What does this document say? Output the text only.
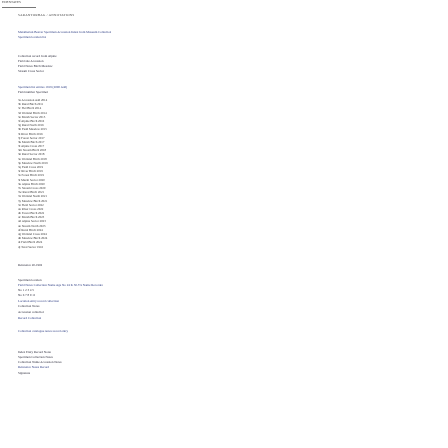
EDENTATES
SARANTORBAG / ANNOTATIONS
Metatherian Beaver Specimen Accession Index from Museum Collection
Specimen location list
Collection record from Alpine
Field site Accession
Field Notes Birch Meadow
Stream Cross Sector
Specimen list entries 1919 (2000 Add)
Field number Specimen
3a Accession Add 2014
3b Rural Birch 2011
3c Fiel Birch 2014
3d Wetland Birch 2014
3e Marsh Sector 2015
3f Alpine Birch 2016
3g Rural North 2016
3h Field Meadow 2015
3i River Birch 2016
3j Forest Sector 2017
3k Marsh Birch 2017
3l Alpine Cross 2017
3m Stream Birch 2018
3n Rural Sector 2018
3o Wetland Birch 2018
3p Meadow North 2019
3q Field Cross 2019
3r River Birch 2019
3s Forest Birch 2019
3t Marsh Sector 2020
3u Alpine Birch 2020
3v Stream Cross 2020
3w Rural Birch 2021
3x Wetland North 2021
3y Meadow Birch 2021
3z Field Sector 2022
4a River Cross 2022
4b Forest Birch 2022
4c Marsh Birch 2023
4d Alpine Sector 2023
4e Stream North 2023
4f Rural Birch 2024
4g Wetland Cross 2024
4h Meadow Birch 2024
4i Field Birch 2024
4j Total Sector 1916
Reference 20-1969
Specimen location
Field Notes Collection Name Age No 24 K 30.3% Name Recorded
No 1 2 3 4 5
No 6 7 8 9 10
Location entry record collection
Collection Notes
Accession collection
Record Collection
Collection catalogue notes record entry
Index Entry Record Notes
Specimen Collection Notes
Collection Name Accession Notes
Reference Notes Record
Signature
